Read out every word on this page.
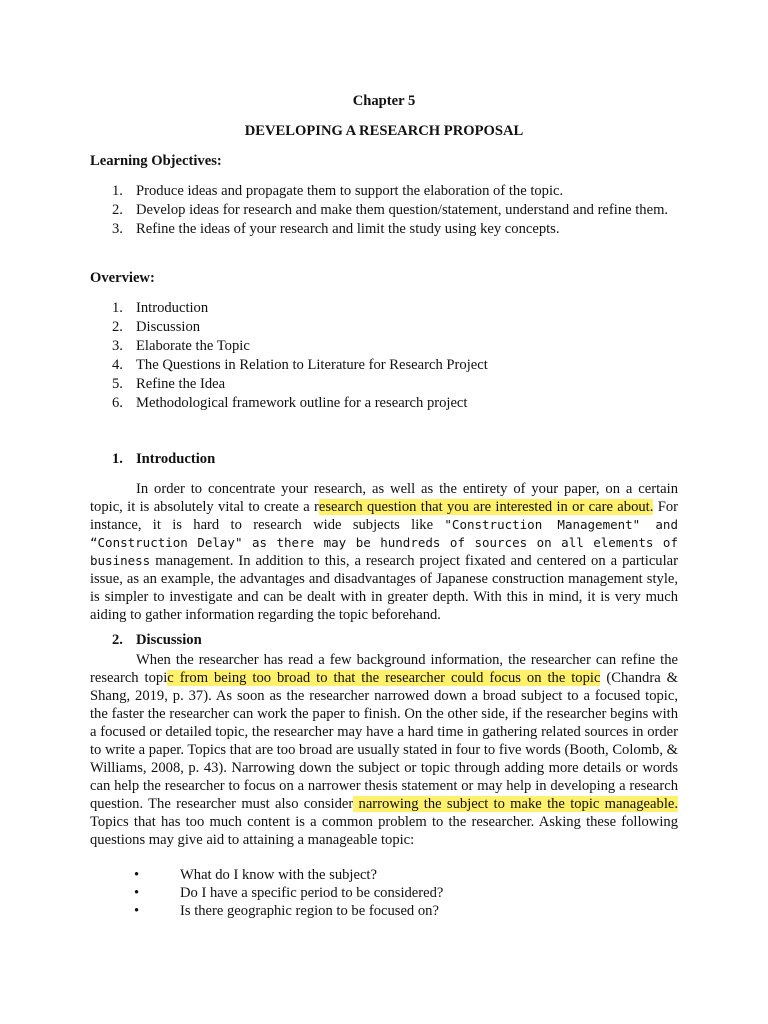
Chapter 5
DEVELOPING A RESEARCH PROPOSAL
Learning Objectives:
1. Produce ideas and propagate them to support the elaboration of the topic.
2. Develop ideas for research and make them question/statement, understand and refine them.
3. Refine the ideas of your research and limit the study using key concepts.
Overview:
1. Introduction
2. Discussion
3. Elaborate the Topic
4. The Questions in Relation to Literature for Research Project
5. Refine the Idea
6. Methodological framework outline for a research project
1. Introduction

In order to concentrate your research, as well as the entirety of your paper, on a certain topic, it is absolutely vital to create a research question that you are interested in or care about. For instance, it is hard to research wide subjects like "Construction Management" and “Construction Delay" as there may be hundreds of sources on all elements of business management. In addition to this, a research project fixated and centered on a particular issue, as an example, the advantages and disadvantages of Japanese construction management style, is simpler to investigate and can be dealt with in greater depth. With this in mind, it is very much aiding to gather information regarding the topic beforehand.

2. Discussion

When the researcher has read a few background information, the researcher can refine the research topic from being too broad to that the researcher could focus on the topic (Chandra & Shang, 2019, p. 37). As soon as the researcher narrowed down a broad subject to a focused topic, the faster the researcher can work the paper to finish. On the other side, if the researcher begins with a focused or detailed topic, the researcher may have a hard time in gathering related sources in order to write a paper. Topics that are too broad are usually stated in four to five words (Booth, Colomb, & Williams, 2008, p. 43). Narrowing down the subject or topic through adding more details or words can help the researcher to focus on a narrower thesis statement or may help in developing a research question. The researcher must also consider narrowing the subject to make the topic manageable. Topics that has too much content is a common problem to the researcher. Asking these following questions may give aid to attaining a manageable topic:

•	What do I know with the subject?
•	Do I have a specific period to be considered?
•	Is there geographic region to be focused on?
